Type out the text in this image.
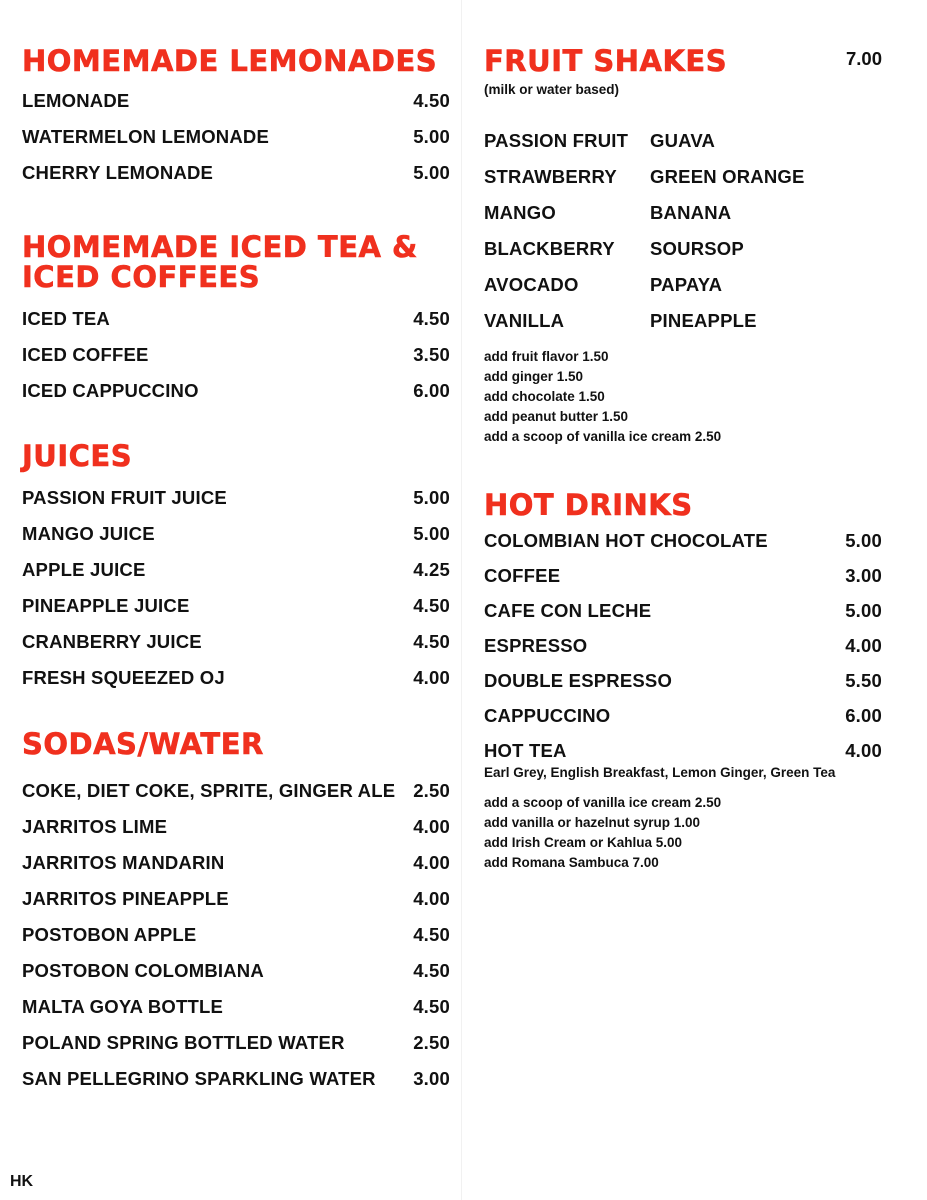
HOMEMADE LEMONADES
LEMONADE	4.50
WATERMELON LEMONADE	5.00
CHERRY LEMONADE	5.00
HOMEMADE ICED TEA &
ICED COFFEES
ICED TEA	4.50
ICED COFFEE	3.50
ICED CAPPUCCINO	6.00
JUICES
PASSION FRUIT JUICE	5.00
MANGO JUICE	5.00
APPLE JUICE	4.25
PINEAPPLE JUICE	4.50
CRANBERRY JUICE	4.50
FRESH SQUEEZED OJ	4.00
SODAS/WATER
COKE, DIET COKE, SPRITE, GINGER ALE 2.50
JARRITOS LIME	4.00
JARRITOS MANDARIN	4.00
JARRITOS PINEAPPLE	4.00
POSTOBON APPLE	4.50
POSTOBON COLOMBIANA	4.50
MALTA GOYA BOTTLE	4.50
POLAND SPRING BOTTLED WATER	2.50
SAN PELLEGRINO SPARKLING WATER 3.00
FRUIT SHAKES	7.00
(milk or water based)
PASSION FRUIT	GUAVA
STRAWBERRY	GREEN ORANGE
MANGO	BANANA
BLACKBERRY	SOURSOP
AVOCADO	PAPAYA
VANILLA	PINEAPPLE
add fruit flavor 1.50
add ginger 1.50
add chocolate 1.50
add peanut butter 1.50
add a scoop of vanilla ice cream 2.50
HOT DRINKS
COLOMBIAN HOT CHOCOLATE	5.00
COFFEE	3.00
CAFE CON LECHE	5.00
ESPRESSO	4.00
DOUBLE ESPRESSO	5.50
CAPPUCCINO	6.00
HOT TEA	4.00
Earl Grey, English Breakfast, Lemon Ginger, Green Tea
add a scoop of vanilla ice cream 2.50
add vanilla or hazelnut syrup 1.00
add Irish Cream or Kahlua 5.00
add Romana Sambuca 7.00
HK
